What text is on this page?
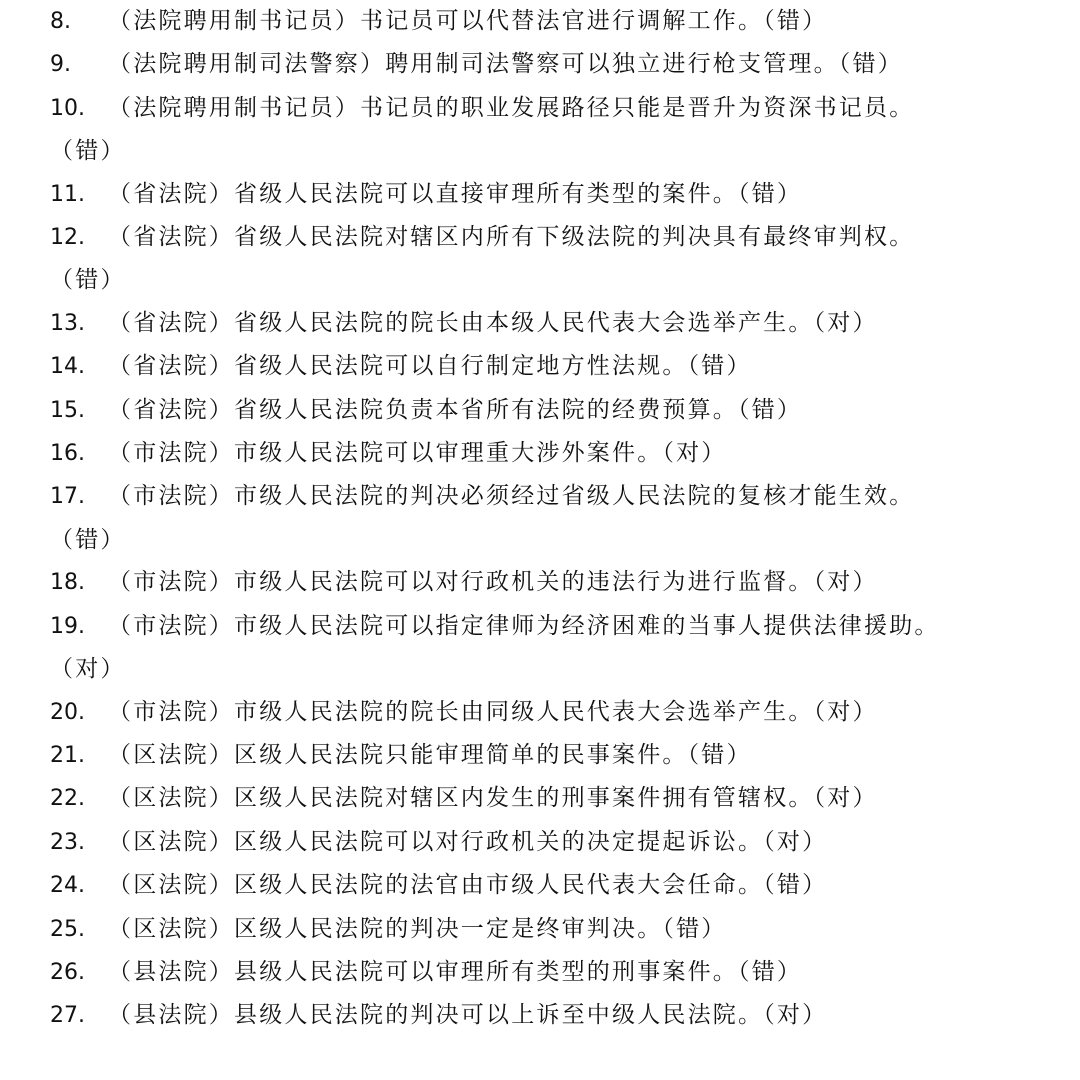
8.	（法院聘用制书记员）书记员可以代替法官进行调解工作。（错）
9.	（法院聘用制司法警察）聘用制司法警察可以独立进行枪支管理。（错）
10.	（法院聘用制书记员）书记员的职业发展路径只能是晋升为资深书记员。
（错）
11.	（省法院）省级人民法院可以直接审理所有类型的案件。（错）
12.	（省法院）省级人民法院对辖区内所有下级法院的判决具有最终审判权。
（错）
13.	（省法院）省级人民法院的院长由本级人民代表大会选举产生。（对）
14.	（省法院）省级人民法院可以自行制定地方性法规。（错）
15.	（省法院）省级人民法院负责本省所有法院的经费预算。（错）
16.	（市法院）市级人民法院可以审理重大涉外案件。（对）
17.	（市法院）市级人民法院的判决必须经过省级人民法院的复核才能生效。
（错）
18.	（市法院）市级人民法院可以对行政机关的违法行为进行监督。（对）
19.	（市法院）市级人民法院可以指定律师为经济困难的当事人提供法律援助。
（对）
20.	（市法院）市级人民法院的院长由同级人民代表大会选举产生。（对）
21.	（区法院）区级人民法院只能审理简单的民事案件。（错）
22.	（区法院）区级人民法院对辖区内发生的刑事案件拥有管辖权。（对）
23.	（区法院）区级人民法院可以对行政机关的决定提起诉讼。（对）
24.	（区法院）区级人民法院的法官由市级人民代表大会任命。（错）
25.	（区法院）区级人民法院的判决一定是终审判决。（错）
26.	（县法院）县级人民法院可以审理所有类型的刑事案件。（错）
27.	（县法院）县级人民法院的判决可以上诉至中级人民法院。（对）
